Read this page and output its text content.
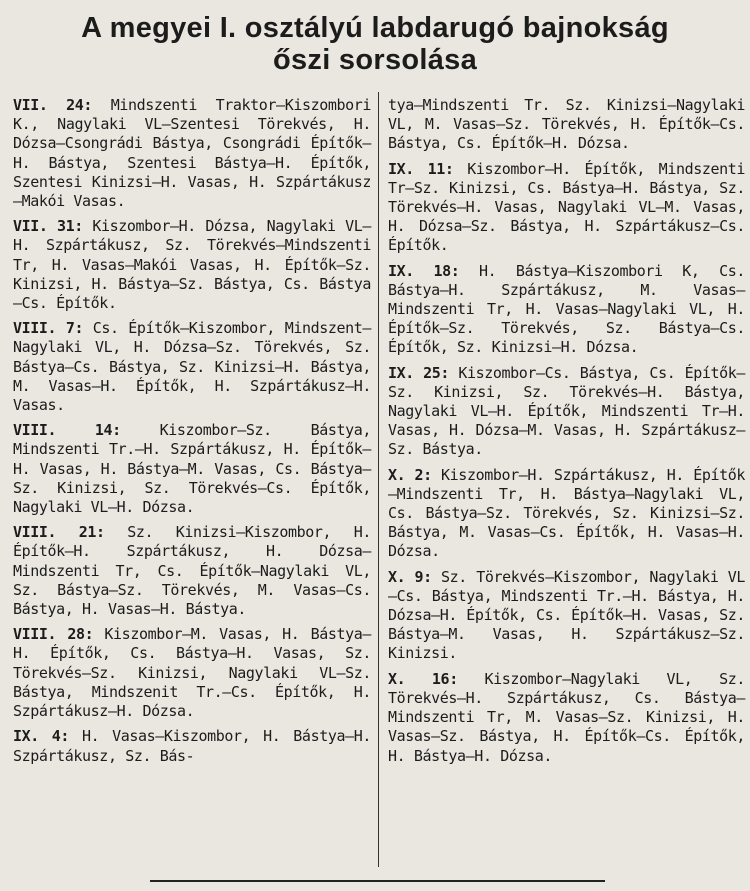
A megyei I. osztályú labdarugó bajnokság
őszi sorsolása

VII. 24: Mindszenti Traktor—Kiszombori K., Nagylaki VL—Szentesi Törekvés, H. Dózsa—Csongrádi Bástya, Csongrádi Építők—H. Bástya, Szentesi Bástya—H. Építők, Szentesi Kinizsi—H. Vasas, H. Szpártákusz—Makói Vasas.

VII. 31: Kiszombor—H. Dózsa, Nagylaki VL—H. Szpártákusz, Sz. Törekvés—Mindszenti Tr, H. Vasas—Makói Vasas, H. Építők—Sz. Kinizsi, H. Bástya—Sz. Bástya, Cs. Bástya—Cs. Építők.

VIII. 7: Cs. Építők—Kiszombor, Mindszent—Nagylaki VL, H. Dózsa—Sz. Törekvés, Sz. Bástya—Cs. Bástya, Sz. Kinizsi—H. Bástya, M. Vasas—H. Építők, H. Szpártákusz—H. Vasas.

VIII. 14:	Kiszombor—Sz. Bástya, Mindszenti Tr.—H. Szpártákusz, H. Építők—H. Vasas, H. Bástya—M. Vasas, Cs. Bástya—Sz. Kinizsi, Sz. Törekvés—Cs. Építők, Nagylaki VL—H. Dózsa.

VIII. 21: Sz. Kinizsi—Kiszombor, H. Építők—H. Szpártákusz, H. Dózsa—Mindszenti Tr, Cs. Építők—Nagylaki VL, Sz. Bástya—Sz. Törekvés, M. Vasas—Cs. Bástya, H. Vasas—H. Bástya.

VIII. 28: Kiszombor—M. Vasas, H. Bástya—H. Építők, Cs. Bástya—H. Vasas, Sz. Törekvés—Sz. Kinizsi, Nagylaki VL—Sz. Bástya, Mindszenit Tr.—Cs. Építők, H. Szpártákusz—H. Dózsa.

IX. 4: H. Vasas—Kiszombor, H. Bástya—H. Szpártákusz, Sz. Bás-

tya—Mindszenti Tr. Sz. Kinizsi—Nagylaki VL, M. Vasas—Sz. Törekvés, H. Építők—Cs. Bástya, Cs. Építők—H. Dózsa.

IX. 11: Kiszombor—H. Építők, Mindszenti Tr—Sz. Kinizsi, Cs. Bástya—H. Bástya, Sz. Törekvés—H. Vasas, Nagylaki VL—M. Vasas, H. Dózsa—Sz. Bástya, H. Szpártákusz—Cs. Építők.

IX. 18: H. Bástya—Kiszombori K, Cs. Bástya—H. Szpártákusz, M. Vasas—Mindszenti Tr, H. Vasas—Nagylaki VL, H. Építők—Sz. Törekvés, Sz. Bástya—Cs. Építők, Sz. Kinizsi—H. Dózsa.

IX. 25: Kiszombor—Cs. Bástya, Cs. Építők—Sz. Kinizsi, Sz. Törekvés—H. Bástya, Nagylaki VL—H. Építők, Mindszenti Tr—H. Vasas, H. Dózsa—M. Vasas, H. Szpártákusz—Sz. Bástya.

X. 2: Kiszombor—H. Szpártákusz, H. Építők—Mindszenti Tr, H. Bástya—Nagylaki VL, Cs. Bástya—Sz. Törekvés, Sz. Kinizsi—Sz. Bástya, M. Vasas—Cs. Építők, H. Vasas—H. Dózsa.

X. 9: Sz. Törekvés—Kiszombor, Nagylaki VL—Cs. Bástya, Mindszenti Tr.—H. Bástya, H. Dózsa—H. Építők, Cs. Építők—H. Vasas, Sz. Bástya—M. Vasas, H. Szpártákusz—Sz. Kinizsi.

X. 16: Kiszombor—Nagylaki VL, Sz. Törekvés—H. Szpártákusz, Cs. Bástya—Mindszenti Tr, M. Vasas—Sz. Kinizsi, H. Vasas—Sz. Bástya, H. Építők—Cs. Építők, H. Bástya—H. Dózsa.
